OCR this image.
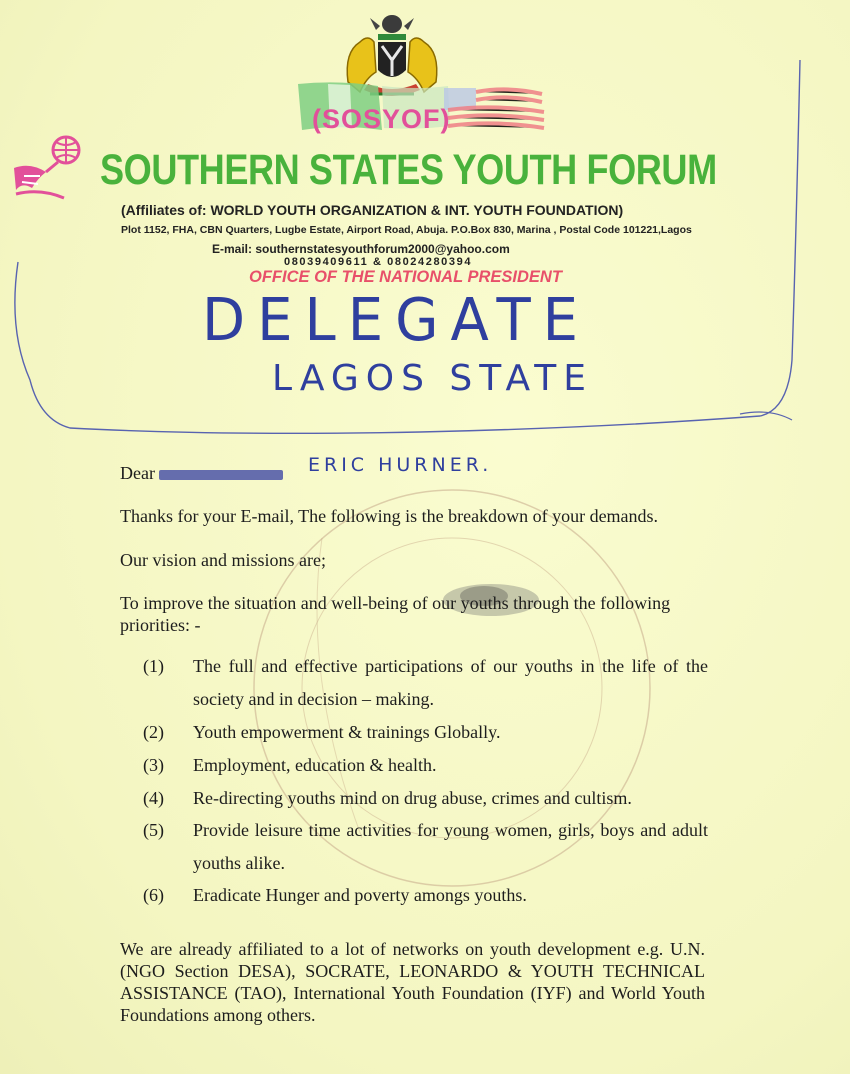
(SOSYOF)
SOUTHERN STATES YOUTH FORUM
(Affiliates of: WORLD YOUTH ORGANIZATION & INT. YOUTH FOUNDATION)
Plot 1152, FHA, CBN Quarters, Lugbe Estate, Airport Road, Abuja. P.O.Box 830, Marina , Postal Code 101221,Lagos
E-mail: southernstatesyouthforum2000@yahoo.com
08039409611 & 08024280394
OFFICE OF THE NATIONAL PRESIDENT
DELEGATE
LAGOS STATE
Dear	ERIC HURNER.
Thanks for your E-mail, The following is the breakdown of your demands.
Our vision and missions are;
To improve the situation and well-being of our youths through the following priorities: -
(1) The full and effective participations of our youths in the life of the society and in decision – making.
(2) Youth empowerment & trainings Globally.
(3) Employment, education & health.
(4) Re-directing youths mind on drug abuse, crimes and cultism.
(5) Provide leisure time activities for young women, girls, boys and adult youths alike.
(6) Eradicate Hunger and poverty amongs youths.
We are already affiliated to a lot of networks on youth development e.g. U.N. (NGO Section DESA), SOCRATE, LEONARDO & YOUTH TECHNICAL ASSISTANCE (TAO), International Youth Foundation (IYF) and World Youth Foundations among others.
